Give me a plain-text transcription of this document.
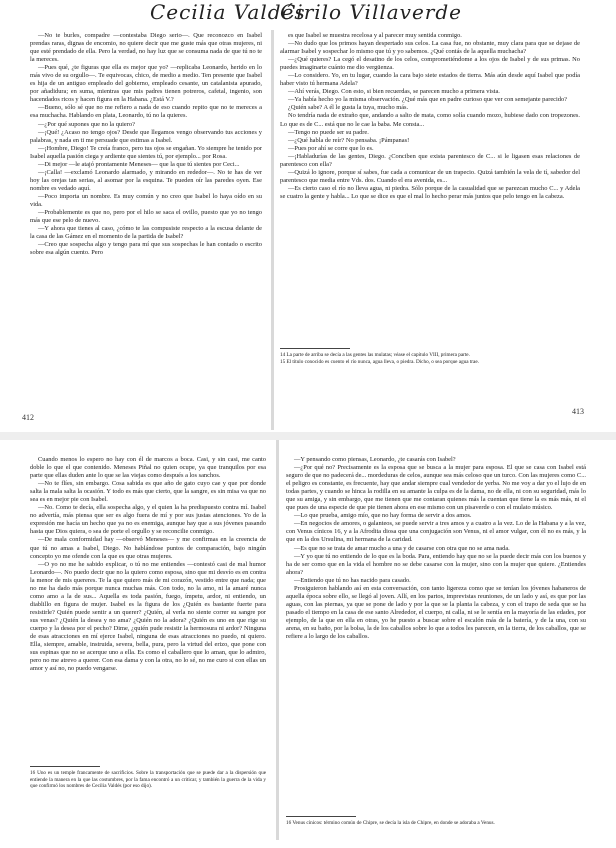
Cecilia Valdés
Cirilo Villaverde

—No te burles, compadre —contestaba Diego serio—. Que reconozco en Isabel prendas raras, dignas de encomio, no quiere decir que me guste más que otras mujeres, ni que esté prendado de ella. Pero la verdad, no hay luz que se consuma nada de que tú no te la mereces.

—Pues qué, ¿te figuras que ella es mejor que yo? —replicaba Leonardo, herido en lo más vivo de su orgullo—. Te equivocas, chico, de medio a medio. Ten presente que Isabel es hija de un antiguo empleado del gobierno, empleado cesante, un catalanista apurado, por añadidura; en suma, mientras que mis padres tienen potreros, cafetal, ingenio, son hacendados ricos y hacen figura en la Habana. ¿Está V.?

—Bueno, sólo sé que no me refiero a nada de eso cuando repito que no te mereces a esa muchacha. Hablando en plata, Leonardo, tú no la quieres.

—¿Por qué supones que no la quiero?

—¡Qué! ¿Acaso no tengo ojos? Desde que llegamos vengo observando tus acciones y palabras, y nada en ti me persuade que estimas a Isabel.

—¡Hombre, Diego! Te creía franco, pero tus ojos se engañan. Yo siempre he tenido por Isabel aquella pasión ciega y ardiente que sientes tú, por ejemplo... por Rosa.

—Di mejor —le atajó prontamente Meneses— que la que tú sientes por Ceci...

—¡Calla! —exclamó Leonardo alarmado, y mirando en rededor—. No te has de ver hoy las orejas tan serias, al asomar por la esquina. Te pueden oír las paredes oyen. Ese nombre es vedado aquí.

—Poco importa un nombre. Es muy común y no creo que Isabel lo haya oído en su vida.

—Probablemente es que no, pero por el hilo se saca el ovillo, puesto que yo no tengo más que ese pelo de nuevo.

—Y ahora que tienes al caso, ¿cómo te las compusiste respecto a la escusa delante de la casa de las Gámez en el momento de la partida de Isabel?

—Creo que sospecha algo y tengo para mí que sus sospechas le han contado o escrito sobre esa algún cuento. Pero

412

es que Isabel se muestra recelosa y al parecer muy sentida conmigo.

—No dudo que los primos hayan despertado sus celos. La casa fue, no obstante, muy clara para que se dejase de alarmar Isabel y sospechar lo mismo que tú y yo sabemos. ¿Qué contás de la aquella muchacha?

—¿Qué quieres? La cegó el desatino de los celos, comprometiéndome a los ojos de Isabel y de sus primas. No puedes imaginarte cuánto me dio vergüenza.

—Lo considero. Yo, en tu lugar, cuando la cara bajo siete estados de tierra. Más aún desde aquí Isabel que podía haber visto tú hermana Adela?

—Ahí verás, Diego. Con esto, si bien recuerdas, se parecen mucho a primera vista.

—Ya había hecho yo la misma observación. ¿Qué más que en padre curioso que ver con semejante parecido?

¿Quién sabe? A él le gusta la tuya, mucho más.

No tendría nada de extraño que, andando a salto de mata, como solía cuando mozo, hubiese dado con tropezones. Lo que es de C... está que no le cae la baba. Me consta...

—Tengo no puede ser su padre.

—¿Qué habla de reír? No pensaba. ¡Pámpanas!

—Pues por ahí se corre que lo es.

—¡Habladurías de las gentes, Diego. ¿Conciben que exista parentesco de C... si le ligasen esas relaciones de parentesco con ella?

—Quizá lo ignore, porque sí sabes, fue cada a comunicar de un trapecio. Quizá también la vela de tí, sabedor del parentesco que media entre Vds. dos. Cuando el era avenida, es...

—Es cierto caso el río no lleva agua, ni piedra. Sólo porque de la casualidad que se parezcan mucho C... y Adela se cuatro la gente y habla... Lo que se dice es que el mal lo hecho perar más juntos que pelo tengo en la cabeza.

14 La parte de arriba se decía a las gentes las mulatas; véase el capítulo VIII, primera parte.

15 El título conocido es cuento el río nunca, agua lleva, o piedra. Dicho, o sea porque agua trae.

413

Cuando menos lo espero no hay con él de marcos a boca. Casi, y sin casi, me canto doble lo que el que contenido. Meneses Piñal no quien ocupe, ya que tranquilos por esa parte que ellas duden ante lo que se las viejas como después a los sanchos.

—No te flíes, sin embargo. Cosa sabida es que año de gato cuyo cae y que por donde salta la mala salta la ocasión. Y todo es más que cierto, que la sangre, es sin misa va que no sea es en mejor pie con Isabel.

—No. Como te decía, ella sospecha algo, y el quien la ha predispuesto contra mí. Isabel no advertía, más piensa que ser es algo fuera de mí y por sus justas atenciones. Yo de la expresión me hacía un hecho que ya no es enemiga, aunque hay que a sus jóvenes pasando hasta que Dios quiera, o sea de porte el orgullo y se reconcilie conmigo.

—De mala conformidad hay —observó Meneses— y me confirmas en la creencia de que tú no amas a Isabel, Diego. No hablándose puntos de comparación, bajo ningún concepto yo me ofende con la que es que otras mujeres.

—O yo no me he sabido explicar, o tú no me entiendes —contestó casi de mal humor Leonardo—. No puedo decir que no la quiero como esposa, sino que mi desvío es en contra la menor de mis quereres. Te la que quiero más de mi corazón, vestido entre que nada; que no me ha dado más porque nunca muchas más. Con todo, no la amo, ni la amaré nunca como amo a la de sus... Aquella es toda pasión, fuego, ímpetu, ardor, ni entiendo, un diablillo en figura de mujer. Isabel es la figura de los ¿Quién es bastante fuerte para resistirle? Quién puede sentir a un querer? ¿Quién, al verla no siente correr su sangre por sus venas? ¿Quién la desea y no ama? ¿Quién no la adora? ¿Quién es uno en que rige su cuerpo y la desea por el pecho? Dime, ¿quién pude resistir la hermosura ni ardor? Ninguna de esas atracciones en mí ejerce Isabel, ninguna de esas atracciones no puedo, ni quiero. Ella, siempre, amable, instruida, severa, bella, pura, pero la virtud del erizo, que pone con sus espinas que no se acerque uno a ella. Es como el caballero que lo aman, que lo admiro, pero no me atrevo a querer. Con esa dama y con la otra, no lo sé, no me curo si con ellas un amor y así no, no puedo vengarse.

16 Uno es un temple francamente de sacrificios. Sobre la transportación que se puede dar a la dispersión que entiende la manera en la que las costumbres, por la fama encontró a un criticar, y también la guerra de la vida y que confirmó los nombres de Cecilia Valdés (por eso dijo).

—Y pensando como piensas, Leonardo, ¿te casarás con Isabel?

—¿Por qué no? Precisamente es la esposa que se busca a la mujer para esposa. El que se casa con Isabel está seguro de que no padecerá de... mordeduras de celos, aunque sea más celoso que un turco. Con las mujeres como C... el peligro es constante, es frecuente, hay que andar siempre cual vendedor de yerba. No me voy a dar yo el lujo de en todas partes, y cuando se hinca la rodilla en su amante la culpa es de la dama, no de ella, ni con su seguridad, más lo que su amiga, y sin embargo, que me tienen que me contaran quienes más la cuentan que tiene la es más más, ni el que pues de una especie de que pie tienen ahora en ese mismo con un pisaverde o con el mulato músico.

—Lo que prueba, amigo mío, que no hay forma de servir a dos amos.

—En negocios de amores, o galanteos, se puede servir a tres amos y a cuatro a la vez. Lo de la Habana y a la vez, con Venus cínicos 16, y a la Afrodita diosa que una conjugación son Venus, ni el amor vulgar, con él no es más, y la que en la dos Ursulina, mi hermana de la caridad.

—Es que no se trata de amar mucho a una y de casarse con otra que no se ama nada.

—Y yo que tú no entiendo de lo que es la boda. Para, entiendo hay que no se la puede decir más con los buenos y ha de ser como que en la vida el hombre no se debe casarse con la mujer, sino con la mujer que quiere. ¿Entiendes ahora?

—Entiendo que tú no has nacido para casado.

Prosiguieron hablando así en esta conversación, con tanto ligereza como que se tenían los jóvenes habaneros de aquella época sobre ello, se llegó al joven. Allí, en los partos, imprevistas reuniones, de un lado y así, es que por las aguas, con las piernas, ya que se pone de lado y por la que se la planta la cabeza, y con el trapo de seda que se ha pasado el tiempo en la casa de ese santo Alrededor, el cuerpo, ni calla, ni se le sentía en la mayoría de las edades, por ejemplo, de la que en ella en otras, yo he puesto a buscar sobre el escalón más de la batería, y de la una, con su arena, en su baño, por la bolsa, la de los caballos sobre lo que a todos les parecen, en la tierra, de los caballos, que se refiere a lo largo de los caballos.

16 Venus cínicos: término común de Chipre, se decía la isla de Chipre, en donde se adoraba a Venus.
